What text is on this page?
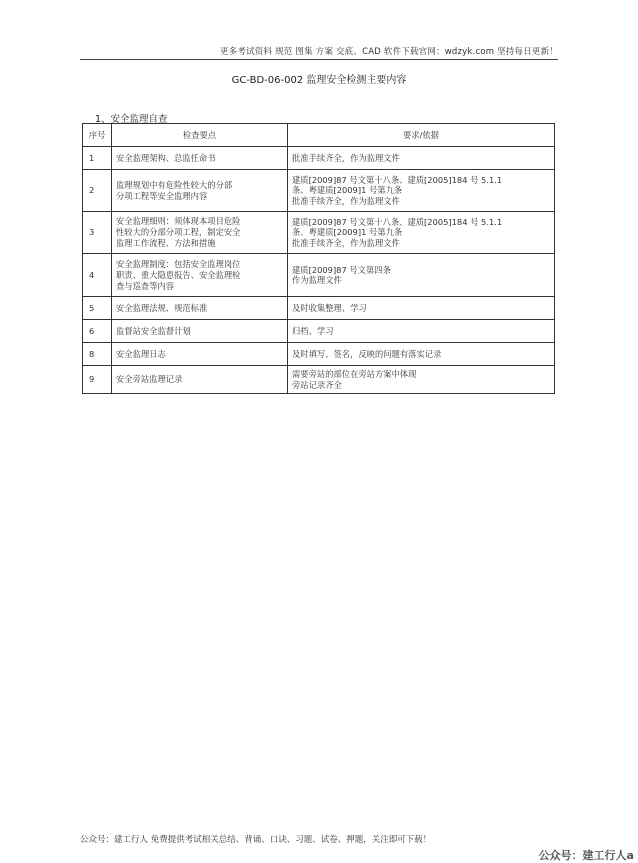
更多考试资料 规范 图集 方案 交底、CAD 软件下载官网：wdzyk.com 坚持每日更新！
GC-BD-06-002 监理安全检测主要内容
1、安全监理自查
序号	检查要点	要求/依据
1	安全监理架构、总监任命书	批准手续齐全，作为监理文件

2	监理规划中有危险性较大的分部
分项工程等安全监理内容	建质[2009]87 号文第十八条、建质[2005]184 号 5.1.1
条、粤建质[2009]1 号第九条
批准手续齐全，作为监理文件

3	安全监理细则：须体现本项目危险
性较大的分部分项工程，制定安全
监理工作流程、方法和措施	建质[2009]87 号文第十八条、建质[2005]184 号 5.1.1
条、粤建质[2009]1 号第九条
批准手续齐全，作为监理文件

4	安全监理制度：包括安全监理岗位
职责、重大隐患报告、安全监理检
查与巡查等内容	建质[2009]87 号文第四条
作为监理文件

5	安全监理法规、规范标准	及时收集整理、学习

6	监督站安全监督计划	归档、学习

8	安全监理日志	及时填写、签名，反映的问题有落实记录

9	安全旁站监理记录	需要旁站的部位在旁站方案中体现
旁站记录齐全
公众号：建工行人 免费提供考试相关总结、背诵、口诀、习题、试卷、押题，关注即可下载！
公众号：建工行人a
